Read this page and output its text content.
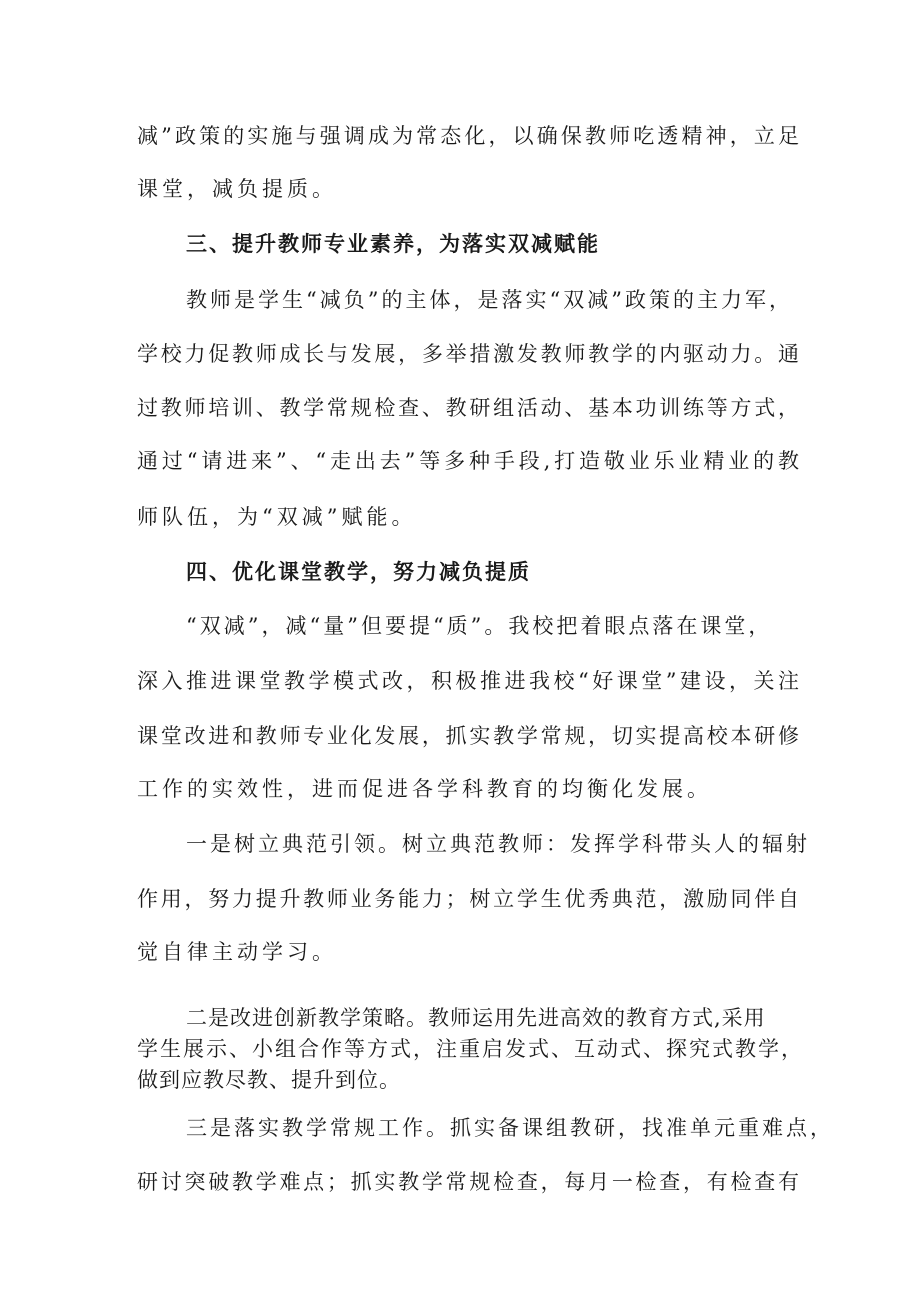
减”政策的实施与强调成为常态化，以确保教师吃透精神，立足

课堂，减负提质。

三、提升教师专业素养，为落实双减赋能

教师是学生“减负”的主体，是落实“双减”政策的主力军，

学校力促教师成长与发展，多举措激发教师教学的内驱动力。通

过教师培训、教学常规检查、教研组活动、基本功训练等方式，

通过“请进来”、“走出去”等多种手段,打造敬业乐业精业的教

师队伍，为“双减”赋能。

四、优化课堂教学，努力减负提质

“双减”，减“量”但要提“质”。我校把着眼点落在课堂，

深入推进课堂教学模式改，积极推进我校“好课堂”建设，关注

课堂改进和教师专业化发展，抓实教学常规，切实提高校本研修

工作的实效性，进而促进各学科教育的均衡化发展。

一是树立典范引领。树立典范教师：发挥学科带头人的辐射

作用，努力提升教师业务能力；树立学生优秀典范，激励同伴自

觉自律主动学习。

二是改进创新教学策略。教师运用先进高效的教育方式,采用

学生展示、小组合作等方式，注重启发式、互动式、探究式教学，

做到应教尽教、提升到位。

三是落实教学常规工作。抓实备课组教研，找准单元重难点，

研讨突破教学难点；抓实教学常规检查，每月一检查，有检查有
